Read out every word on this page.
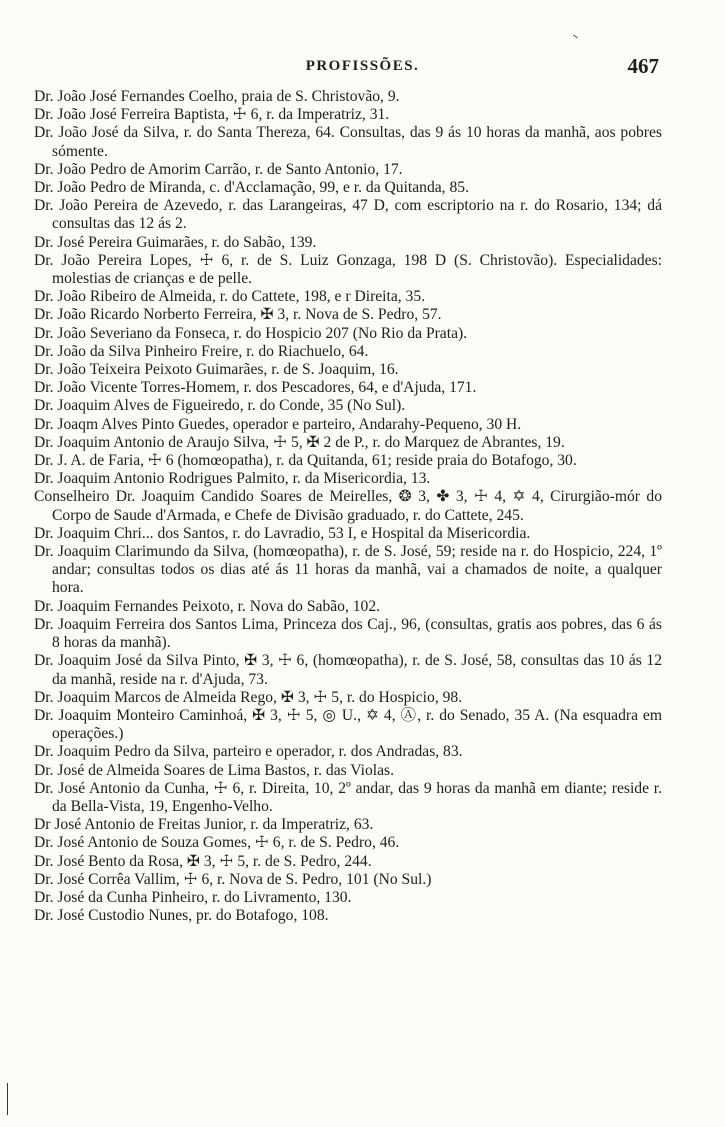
PROFISSÕES.	467

Dr. João José Fernandes Coelho, praia de S. Christovão, 9.

Dr. João José Ferreira Baptista, ☩ 6, r. da Imperatriz, 31.

Dr. João José da Silva, r. do Santa Thereza, 64. Consultas, das 9 ás 10 horas da manhã, aos pobres sómente.

Dr. João Pedro de Amorim Carrão, r. de Santo Antonio, 17.

Dr. João Pedro de Miranda, c. d'Acclamação, 99, e r. da Quitanda, 85.

Dr. João Pereira de Azevedo, r. das Larangeiras, 47 D, com escriptorio na r. do Rosario, 134; dá consultas das 12 ás 2.

Dr. José Pereira Guimarães, r. do Sabão, 139.

Dr. João Pereira Lopes, ☩ 6, r. de S. Luiz Gonzaga, 198 D (S. Christovão). Especialidades: molestias de crianças e de pelle.

Dr. João Ribeiro de Almeida, r. do Cattete, 198, e r Direita, 35.

Dr. João Ricardo Norberto Ferreira, ✠ 3, r. Nova de S. Pedro, 57.

Dr. João Severiano da Fonseca, r. do Hospicio 207 (No Rio da Prata).

Dr. João da Silva Pinheiro Freire, r. do Riachuelo, 64.

Dr. João Teixeira Peixoto Guimarães, r. de S. Joaquim, 16.

Dr. João Vicente Torres-Homem, r. dos Pescadores, 64, e d'Ajuda, 171.

Dr. Joaquim Alves de Figueiredo, r. do Conde, 35 (No Sul).

Dr. Joaqm Alves Pinto Guedes, operador e parteiro, Andarahy-Pequeno, 30 H.

Dr. Joaquim Antonio de Araujo Silva, ☩ 5, ✠ 2 de P., r. do Marquez de Abrantes, 19.

Dr. J. A. de Faria, ☩ 6 (homœopatha), r. da Quitanda, 61; reside praia do Botafogo, 30.

Dr. Joaquim Antonio Rodrigues Palmito, r. da Misericordia, 13.

Conselheiro Dr. Joaquim Candido Soares de Meirelles, ❂ 3, ✤ 3, ☩ 4, ✡ 4, Cirurgião-mór do Corpo de Saude d'Armada, e Chefe de Divisão graduado, r. do Cattete, 245.

Dr. Joaquim Chri... dos Santos, r. do Lavradio, 53 I, e Hospital da Misericordia.

Dr. Joaquim Clarimundo da Silva, (homœopatha), r. de S. José, 59; reside na r. do Hospicio, 224, 1º andar; consultas todos os dias até ás 11 horas da manhã, vai a chamados de noite, a qualquer hora.

Dr. Joaquim Fernandes Peixoto, r. Nova do Sabão, 102.

Dr. Joaquim Ferreira dos Santos Lima, Princeza dos Caj., 96, (consultas, gratis aos pobres, das 6 ás 8 horas da manhã).

Dr. Joaquim José da Silva Pinto, ✠ 3, ☩ 6, (homœopatha), r. de S. José, 58, consultas das 10 ás 12 da manhã, reside na r. d'Ajuda, 73.

Dr. Joaquim Marcos de Almeida Rego, ✠ 3, ☩ 5, r. do Hospicio, 98.

Dr. Joaquim Monteiro Caminhoá, ✠ 3, ☩ 5, ◎ U., ✡ 4, Ⓐ, r. do Senado, 35 A. (Na esquadra em operações.)

Dr. Joaquim Pedro da Silva, parteiro e operador, r. dos Andradas, 83.

Dr. José de Almeida Soares de Lima Bastos, r. das Violas.

Dr. José Antonio da Cunha, ☩ 6, r. Direita, 10, 2º andar, das 9 horas da manhã em diante; reside r. da Bella-Vista, 19, Engenho-Velho.

Dr José Antonio de Freitas Junior, r. da Imperatriz, 63.

Dr. José Antonio de Souza Gomes, ☩ 6, r. de S. Pedro, 46.

Dr. José Bento da Rosa, ✠ 3, ☩ 5, r. de S. Pedro, 244.

Dr. José Corrêa Vallim, ☩ 6, r. Nova de S. Pedro, 101 (No Sul.)

Dr. José da Cunha Pinheiro, r. do Livramento, 130.

Dr. José Custodio Nunes, pr. do Botafogo, 108.
